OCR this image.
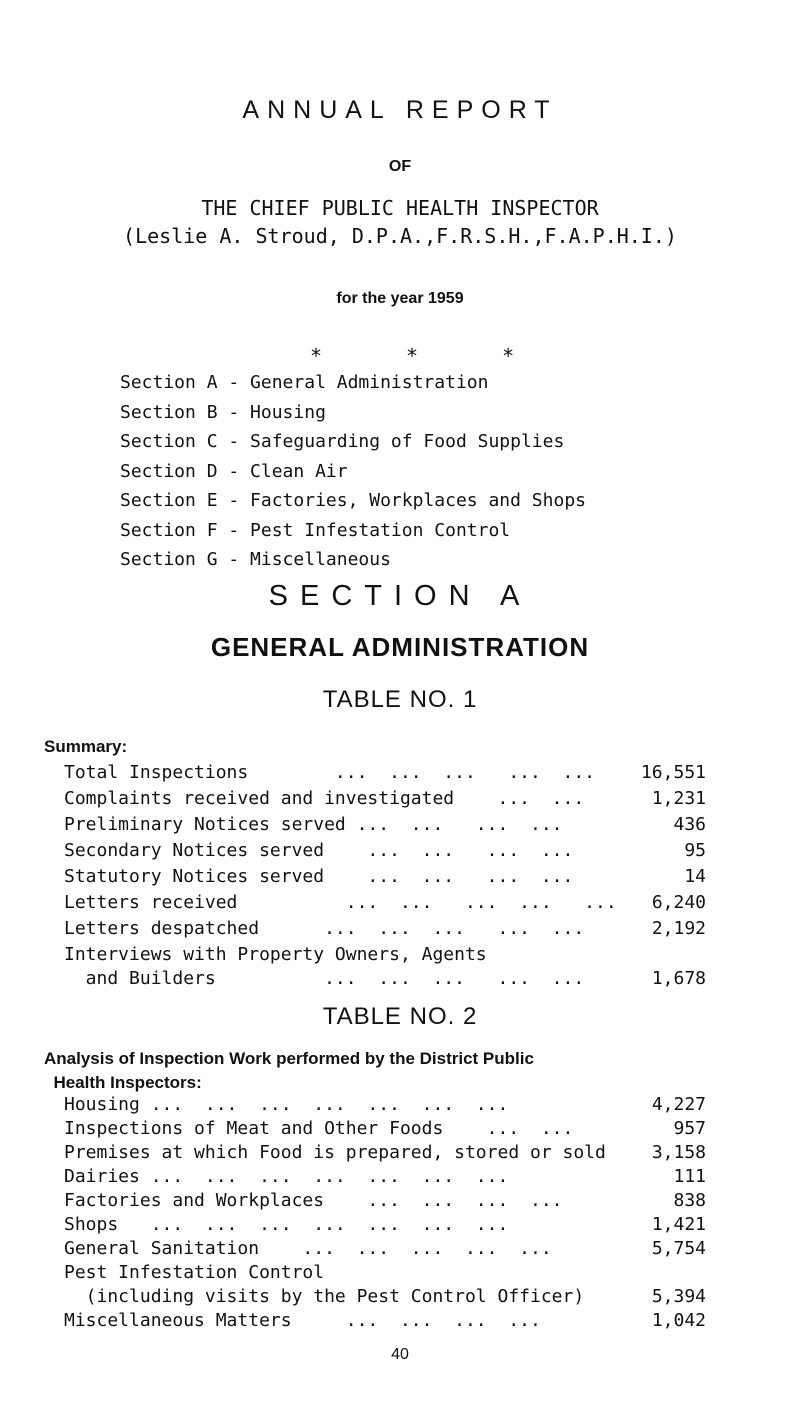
ANNUAL REPORT
OF
THE CHIEF PUBLIC HEALTH INSPECTOR
(Leslie A. Stroud, D.P.A.,F.R.S.H.,F.A.P.H.I.)
for the year 1959

*	*	*

Section A - General Administration
Section B - Housing
Section C - Safeguarding of Food Supplies
Section D - Clean Air
Section E - Factories, Workplaces and Shops
Section F - Pest Infestation Control
Section G - Miscellaneous
SECTION A
GENERAL ADMINISTRATION
TABLE NO. 1
Summary:
Total Inspections        ...  ...  ...   ...  ...	16,551
Complaints received and investigated    ...  ...	1,231
Preliminary Notices served ...  ...   ...  ...	436
Secondary Notices served    ...  ...   ...  ...	95
Statutory Notices served    ...  ...   ...  ...	14
Letters received          ...  ...   ...  ...   ... 6,240
Letters despatched      ...  ...  ...   ...  ...	2,192
Interviews with Property Owners, Agents
and Builders          ...  ...  ...   ...  ...	1,678
TABLE NO. 2
Analysis of Inspection Work performed by the District Public
Health Inspectors:
Housing ...  ...  ...  ...  ...  ...  ...	4,227
Inspections of Meat and Other Foods    ...  ...	957
Premises at which Food is prepared, stored or sold	3,158
Dairies ...  ...  ...  ...  ...  ...  ...	111
Factories and Workplaces    ...  ...  ...  ...	838
Shops   ...  ...  ...  ...  ...  ...  ...	1,421
General Sanitation    ...  ...  ...  ...  ...	5,754
Pest Infestation Control
(including visits by the Pest Control Officer)	5,394
Miscellaneous Matters     ...  ...  ...  ...	1,042
40
